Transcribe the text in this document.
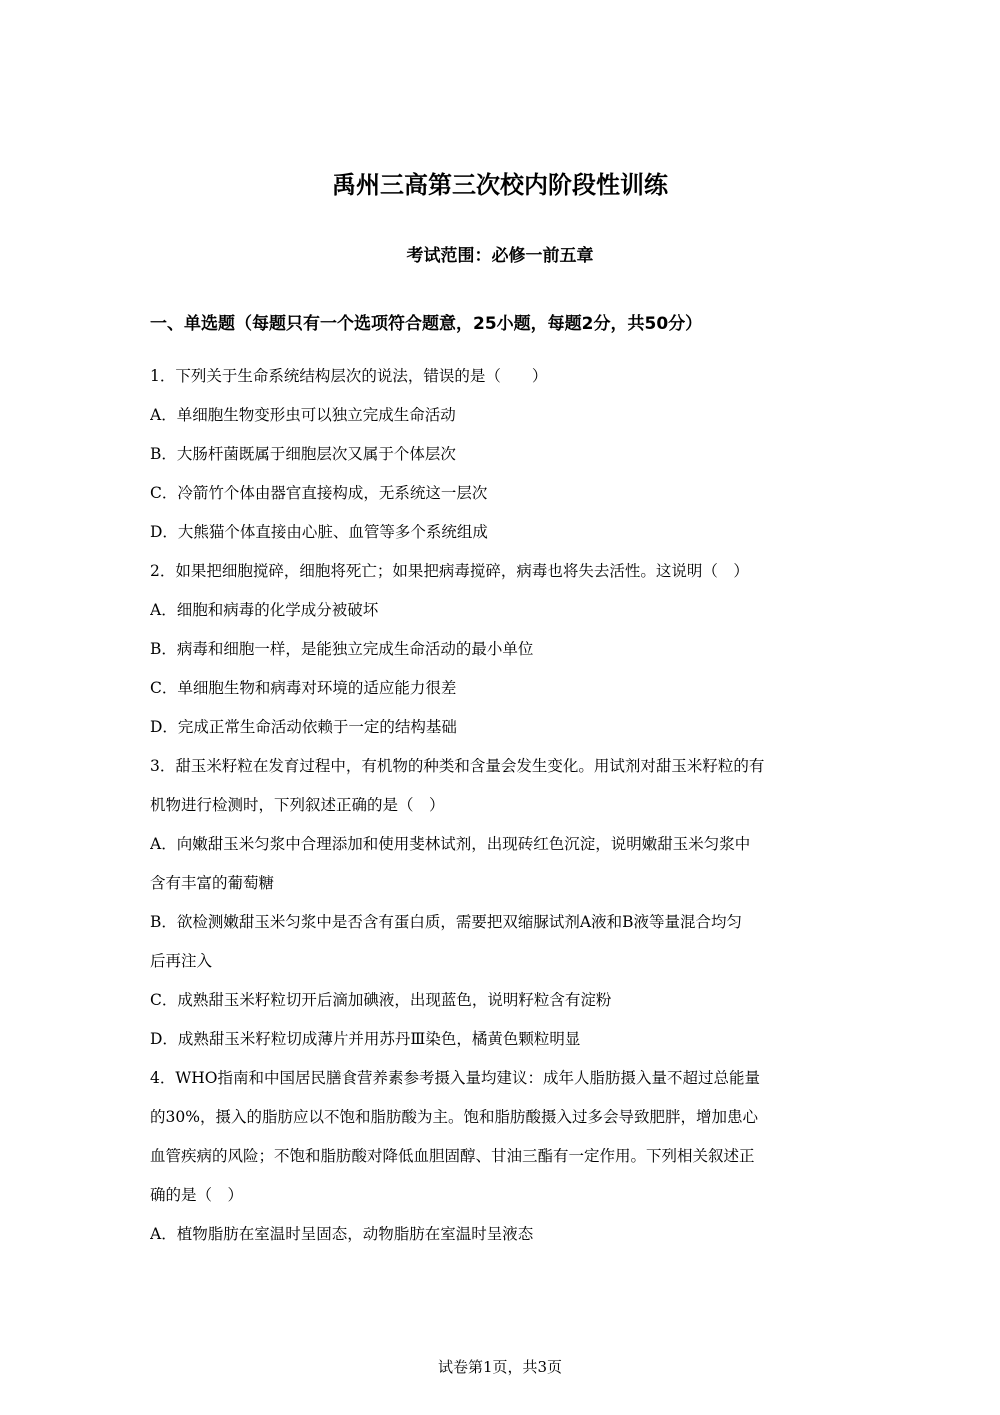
禹州三高第三次校内阶段性训练
考试范围：必修一前五章
一、单选题（每题只有一个选项符合题意，25小题，每题2分，共50分）
1．下列关于生命系统结构层次的说法，错误的是（　　）
A．单细胞生物变形虫可以独立完成生命活动
B．大肠杆菌既属于细胞层次又属于个体层次
C．冷箭竹个体由器官直接构成，无系统这一层次
D．大熊猫个体直接由心脏、血管等多个系统组成
2．如果把细胞搅碎，细胞将死亡；如果把病毒搅碎，病毒也将失去活性。这说明（　）
A．细胞和病毒的化学成分被破坏
B．病毒和细胞一样，是能独立完成生命活动的最小单位
C．单细胞生物和病毒对环境的适应能力很差
D．完成正常生命活动依赖于一定的结构基础
3．甜玉米籽粒在发育过程中，有机物的种类和含量会发生变化。用试剂对甜玉米籽粒的有
机物进行检测时，下列叙述正确的是（　）
A．向嫩甜玉米匀浆中合理添加和使用斐林试剂，出现砖红色沉淀，说明嫩甜玉米匀浆中
含有丰富的葡萄糖
B．欲检测嫩甜玉米匀浆中是否含有蛋白质，需要把双缩脲试剂A液和B液等量混合均匀
后再注入
C．成熟甜玉米籽粒切开后滴加碘液，出现蓝色，说明籽粒含有淀粉
D．成熟甜玉米籽粒切成薄片并用苏丹Ⅲ染色，橘黄色颗粒明显
4．WHO指南和中国居民膳食营养素参考摄入量均建议：成年人脂肪摄入量不超过总能量
的30%，摄入的脂肪应以不饱和脂肪酸为主。饱和脂肪酸摄入过多会导致肥胖，增加患心
血管疾病的风险；不饱和脂肪酸对降低血胆固醇、甘油三酯有一定作用。下列相关叙述正
确的是（　）
A．植物脂肪在室温时呈固态，动物脂肪在室温时呈液态
试卷第1页，共3页
